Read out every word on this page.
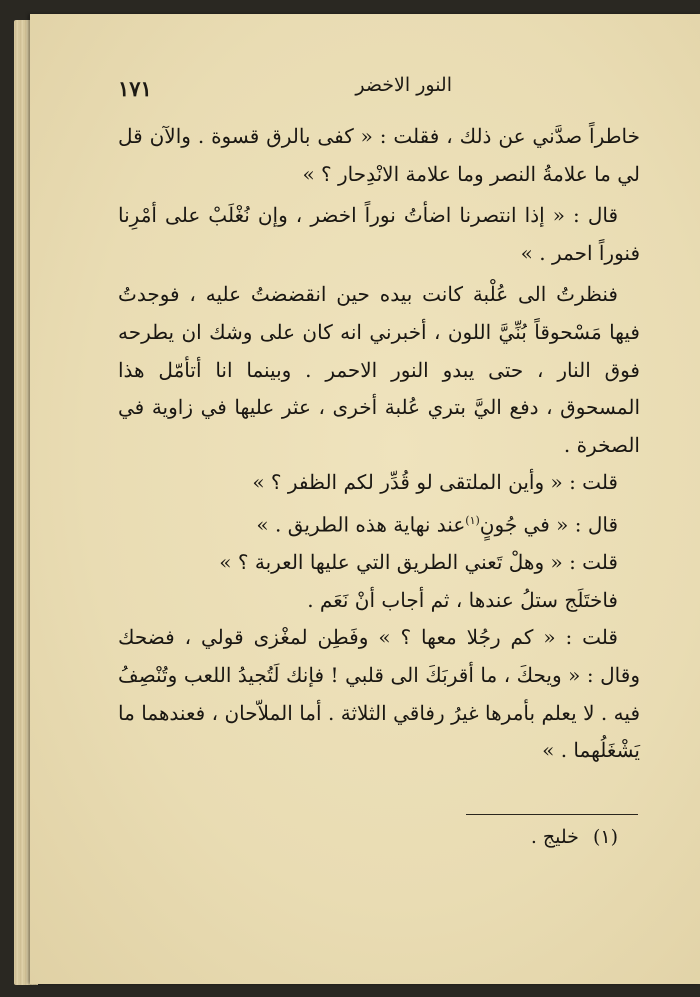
١٧١	النور الاخضر

خاطراً صدَّني عن ذلك ، فقلت : « كفى بالرق قسوة . والآن قل لي ما علامةُ النصر وما علامة الانْدِحار ؟ »

قال : « إذا انتصرنا اضأتُ نوراً اخضر ، وإن نُغْلَبْ على أمْرِنا فنوراً احمر . »

فنظرتُ الى عُلْبة كانت بيده حين انقضضتُ عليه ، فوجدتُ فيها مَسْحوقاً بُنِّيَّ اللون ، أخبرني انه كان على وشك ان يطرحه فوق النار ، حتى يبدو النور الاحمر . وبينما انا أتأمّل هذا المسحوق ، دفع اليَّ بتري عُلبة أخرى ، عثر عليها في زاوية في الصخرة .

قلت : « وأين الملتقى لو قُدِّر لكم الظفر ؟ »

قال : « في جُونٍ$^{(١)}$عند نهاية هذه الطريق . »

قلت : « وهلْ تَعني الطريق التي عليها العربة ؟ »

فاختَلَج ستلُ عندها ، ثم أجاب أنْ نَعَم .

قلت : « كم رجُلا معها ؟ » وفَطِن لمغْزى قولي ، فضحك وقال : « ويحكَ ، ما أقربَكَ الى قلبي ! فإنك لَتُجيدُ اللعب وتُنْصِفُ فيه . لا يعلم بأمرها غيرُ رفاقي الثلاثة . أما الملاّحان ، فعندهما ما يَشْغَلُهما . »

(١)خليج .
